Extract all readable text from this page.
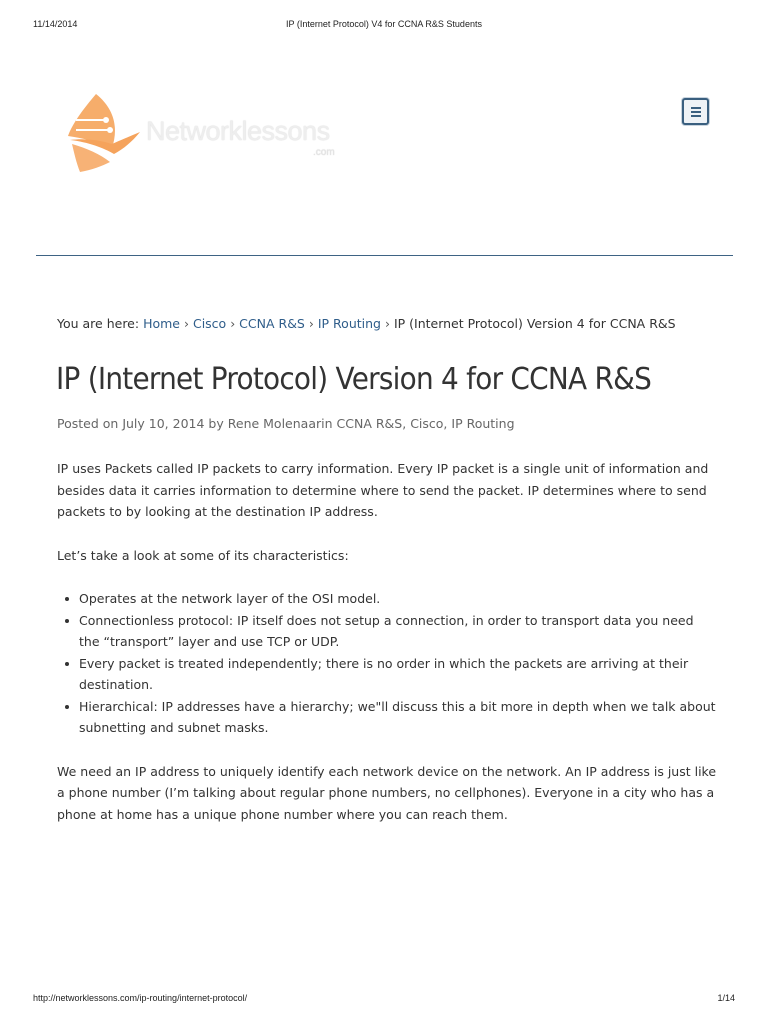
11/14/2014	IP (Internet Protocol) V4 for CCNA R&S Students
Networklessons
.com
You are here: Home › Cisco › CCNA R&S › IP Routing › IP (Internet Protocol) Version 4 for CCNA R&S
IP (Internet Protocol) Version 4 for CCNA R&S
Posted on July 10, 2014 by Rene Molenaarin CCNA R&S, Cisco, IP Routing

IP uses Packets called IP packets to carry information. Every IP packet is a single unit of information and besides data it carries information to determine where to send the packet. IP determines where to send packets to by looking at the destination IP address.

Let’s take a look at some of its characteristics:

Operates at the network layer of the OSI model.
Connectionless protocol: IP itself does not setup a connection, in order to transport data you need the “transport” layer and use TCP or UDP.
Every packet is treated independently; there is no order in which the packets are arriving at their destination.
Hierarchical: IP addresses have a hierarchy; we"ll discuss this a bit more in depth when we talk about subnetting and subnet masks.

We need an IP address to uniquely identify each network device on the network. An IP address is just like a phone number (I’m talking about regular phone numbers, no cellphones). Everyone in a city who has a phone at home has a unique phone number where you can reach them.

http://networklessons.com/ip-routing/internet-protocol/	1/14
